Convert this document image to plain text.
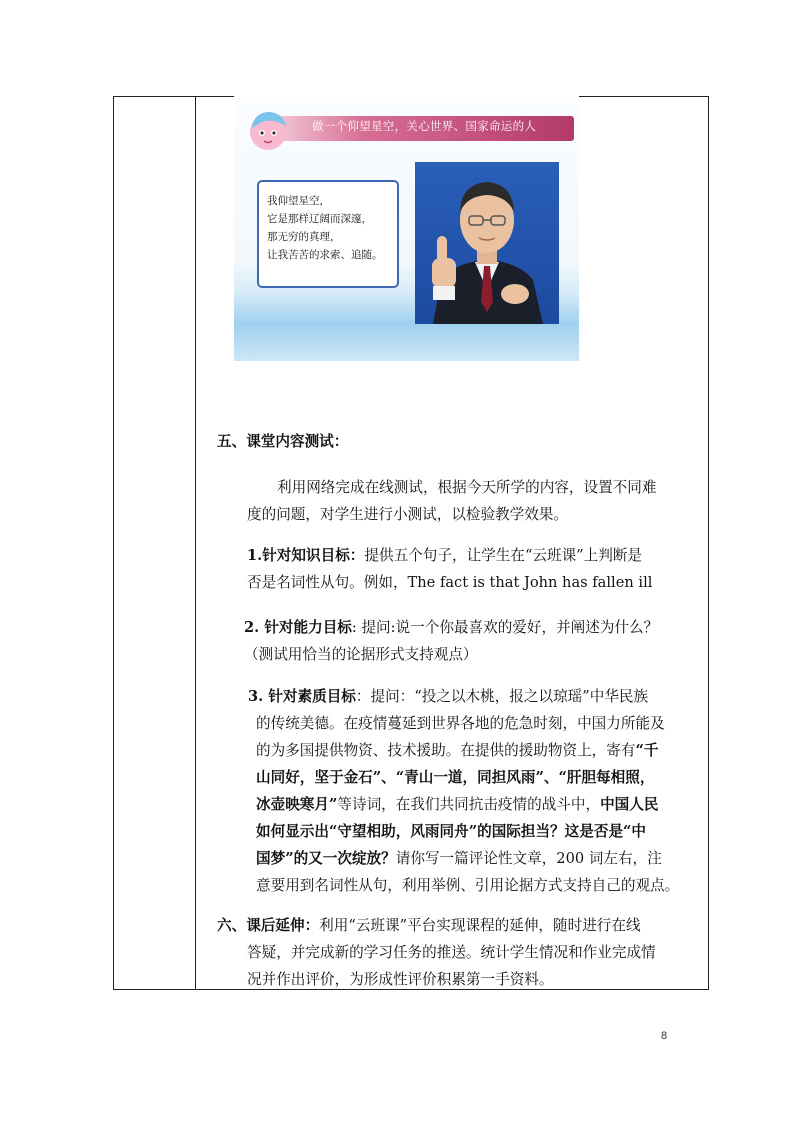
做一个仰望星空，关心世界、国家命运的人
我仰望星空，
它是那样辽阔而深邃，
那无穷的真理，
让我苦苦的求索、追随。
五、课堂内容测试：
利用网络完成在线测试，根据今天所学的内容，设置不同难
度的问题，对学生进行小测试，以检验教学效果。
1.针对知识目标：提供五个句子，让学生在“云班课”上判断是
否是名词性从句。例如，The fact is that John has fallen ill
2. 针对能力目标: 提问:说一个你最喜欢的爱好，并阐述为什么？
（测试用恰当的论据形式支持观点）
3. 针对素质目标：提问：“投之以木桃，报之以琼瑶”中华民族
的传统美德。在疫情蔓延到世界各地的危急时刻，中国力所能及
的为多国提供物资、技术援助。在提供的援助物资上，寄有“千
山同好，坚于金石”、“青山一道，同担风雨”、“肝胆每相照，
冰壶映寒月”等诗词，在我们共同抗击疫情的战斗中，中国人民
如何显示出“守望相助，风雨同舟”的国际担当？这是否是“中
国梦”的又一次绽放？请你写一篇评论性文章，200 词左右，注
意要用到名词性从句，利用举例、引用论据方式支持自己的观点。
六、课后延伸：利用“云班课”平台实现课程的延伸，随时进行在线
答疑，并完成新的学习任务的推送。统计学生情况和作业完成情
况并作出评价，为形成性评价积累第一手资料。
8
